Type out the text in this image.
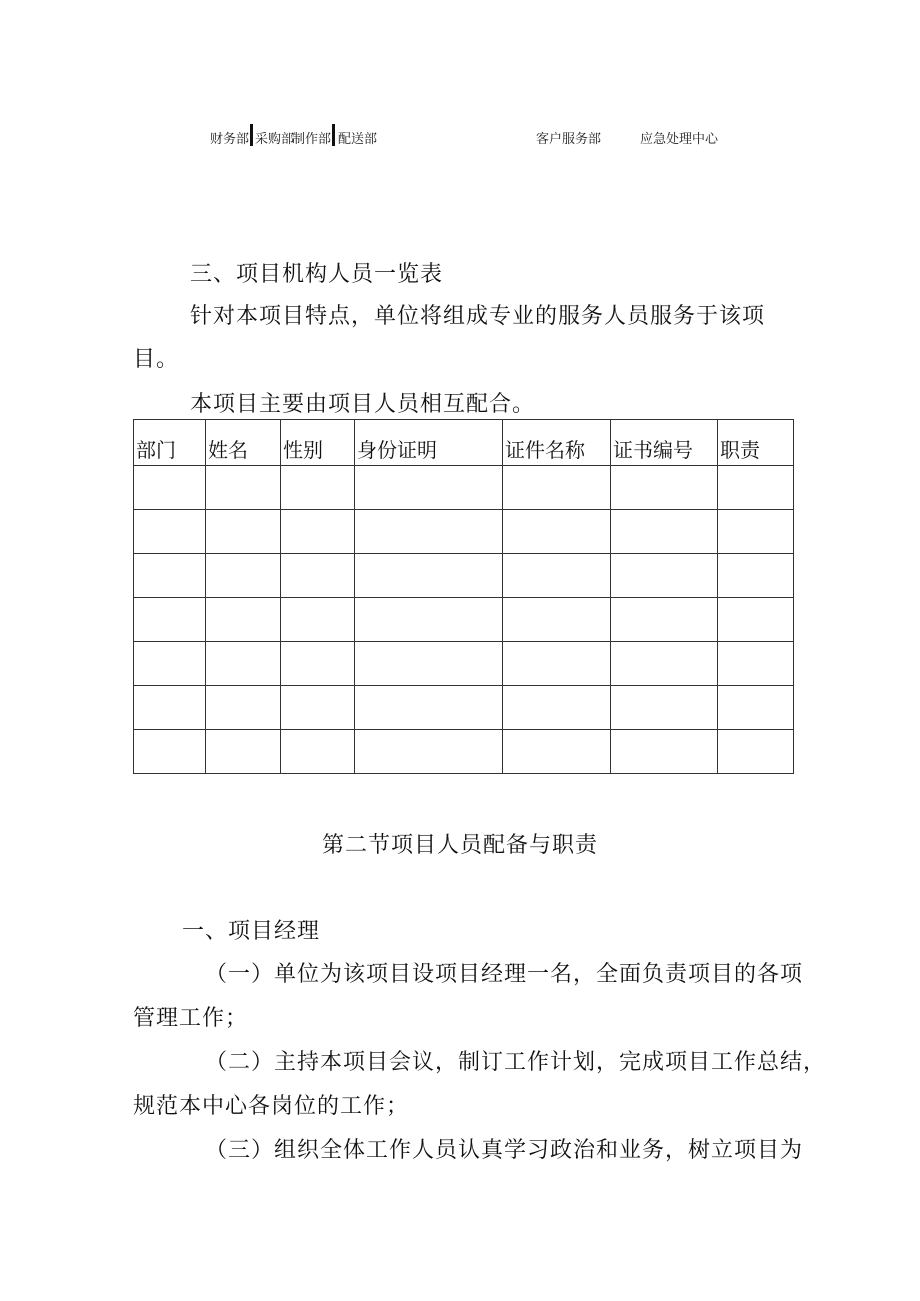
财务部 采购部
制作部 配送部	客户服务部	应急处理中心
三、项目机构人员一览表
针对本项目特点，单位将组成专业的服务人员服务于该项
目。
本项目主要由项目人员相互配合。
部门	姓名	性别	身份证明	证件名称	证书编号	职责

第二节项目人员配备与职责
一、项目经理
（一）单位为该项目设项目经理一名，全面负责项目的各项
管理工作；
（二）主持本项目会议，制订工作计划，完成项目工作总结，
规范本中心各岗位的工作；
（三）组织全体工作人员认真学习政治和业务，树立项目为
